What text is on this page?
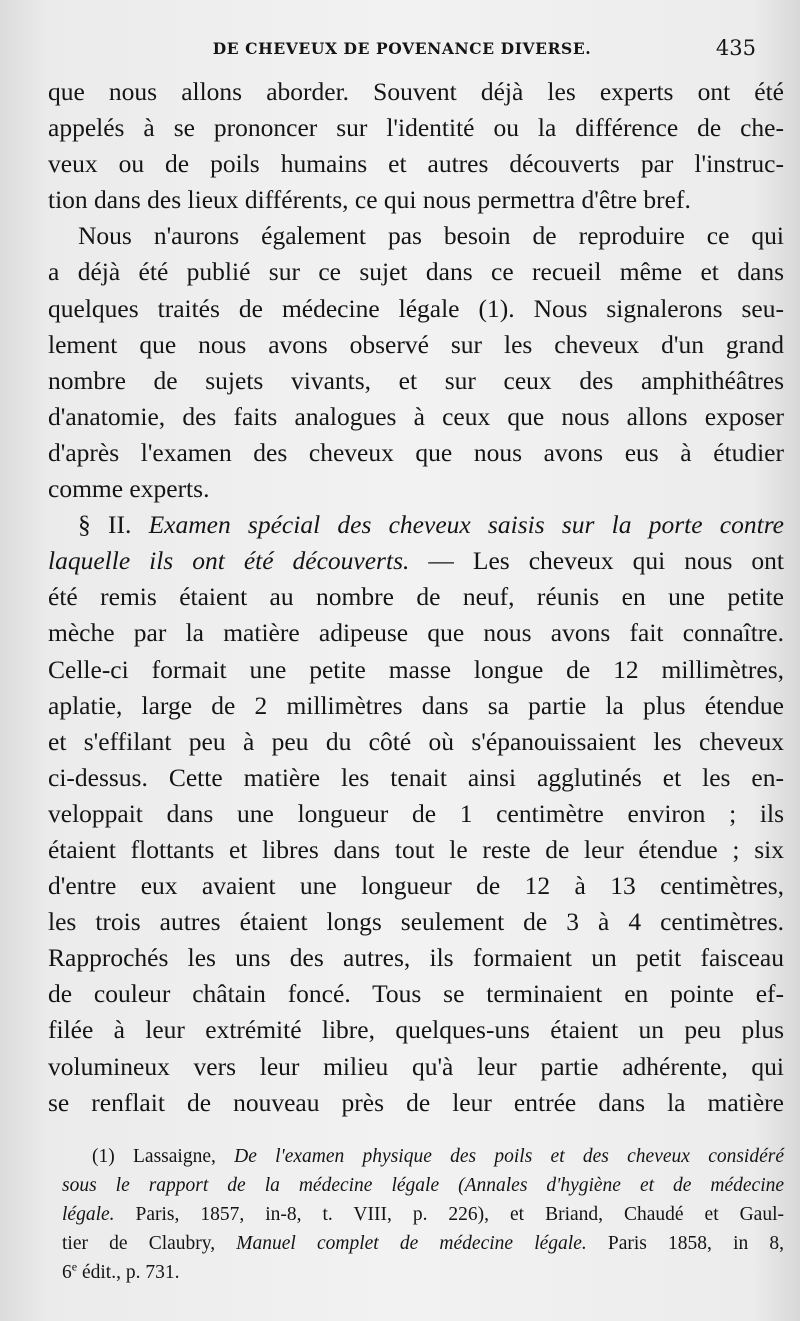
DE CHEVEUX DE POVENANCE DIVERSE.	435
que nous allons aborder. Souvent déjà les experts ont été
appelés à se prononcer sur l'identité ou la différence de che-
veux ou de poils humains et autres découverts par l'instruc-
tion dans des lieux différents, ce qui nous permettra d'être bref.
Nous n'aurons également pas besoin de reproduire ce qui
a déjà été publié sur ce sujet dans ce recueil même et dans
quelques traités de médecine légale (1). Nous signalerons seu-
lement que nous avons observé sur les cheveux d'un grand
nombre de sujets vivants, et sur ceux des amphithéâtres
d'anatomie, des faits analogues à ceux que nous allons exposer
d'après l'examen des cheveux que nous avons eus à étudier
comme experts.
§ II. Examen spécial des cheveux saisis sur la porte contre
laquelle ils ont été découverts. — Les cheveux qui nous ont
été remis étaient au nombre de neuf, réunis en une petite
mèche par la matière adipeuse que nous avons fait connaître.
Celle-ci formait une petite masse longue de 12 millimètres,
aplatie, large de 2 millimètres dans sa partie la plus étendue
et s'effilant peu à peu du côté où s'épanouissaient les cheveux
ci-dessus. Cette matière les tenait ainsi agglutinés et les en-
veloppait dans une longueur de 1 centimètre environ ; ils
étaient flottants et libres dans tout le reste de leur étendue ; six
d'entre eux avaient une longueur de 12 à 13 centimètres,
les trois autres étaient longs seulement de 3 à 4 centimètres.
Rapprochés les uns des autres, ils formaient un petit faisceau
de couleur châtain foncé. Tous se terminaient en pointe ef-
filée à leur extrémité libre, quelques-uns étaient un peu plus
volumineux vers leur milieu qu'à leur partie adhérente, qui
se renflait de nouveau près de leur entrée dans la matière
(1) Lassaigne, De l'examen physique des poils et des cheveux considéré
sous le rapport de la médecine légale (Annales d'hygiène et de médecine
légale. Paris, 1857, in-8, t. VIII, p. 226), et Briand, Chaudé et Gaul-
tier de Claubry, Manuel complet de médecine légale. Paris 1858, in 8,
6e édit., p. 731.
